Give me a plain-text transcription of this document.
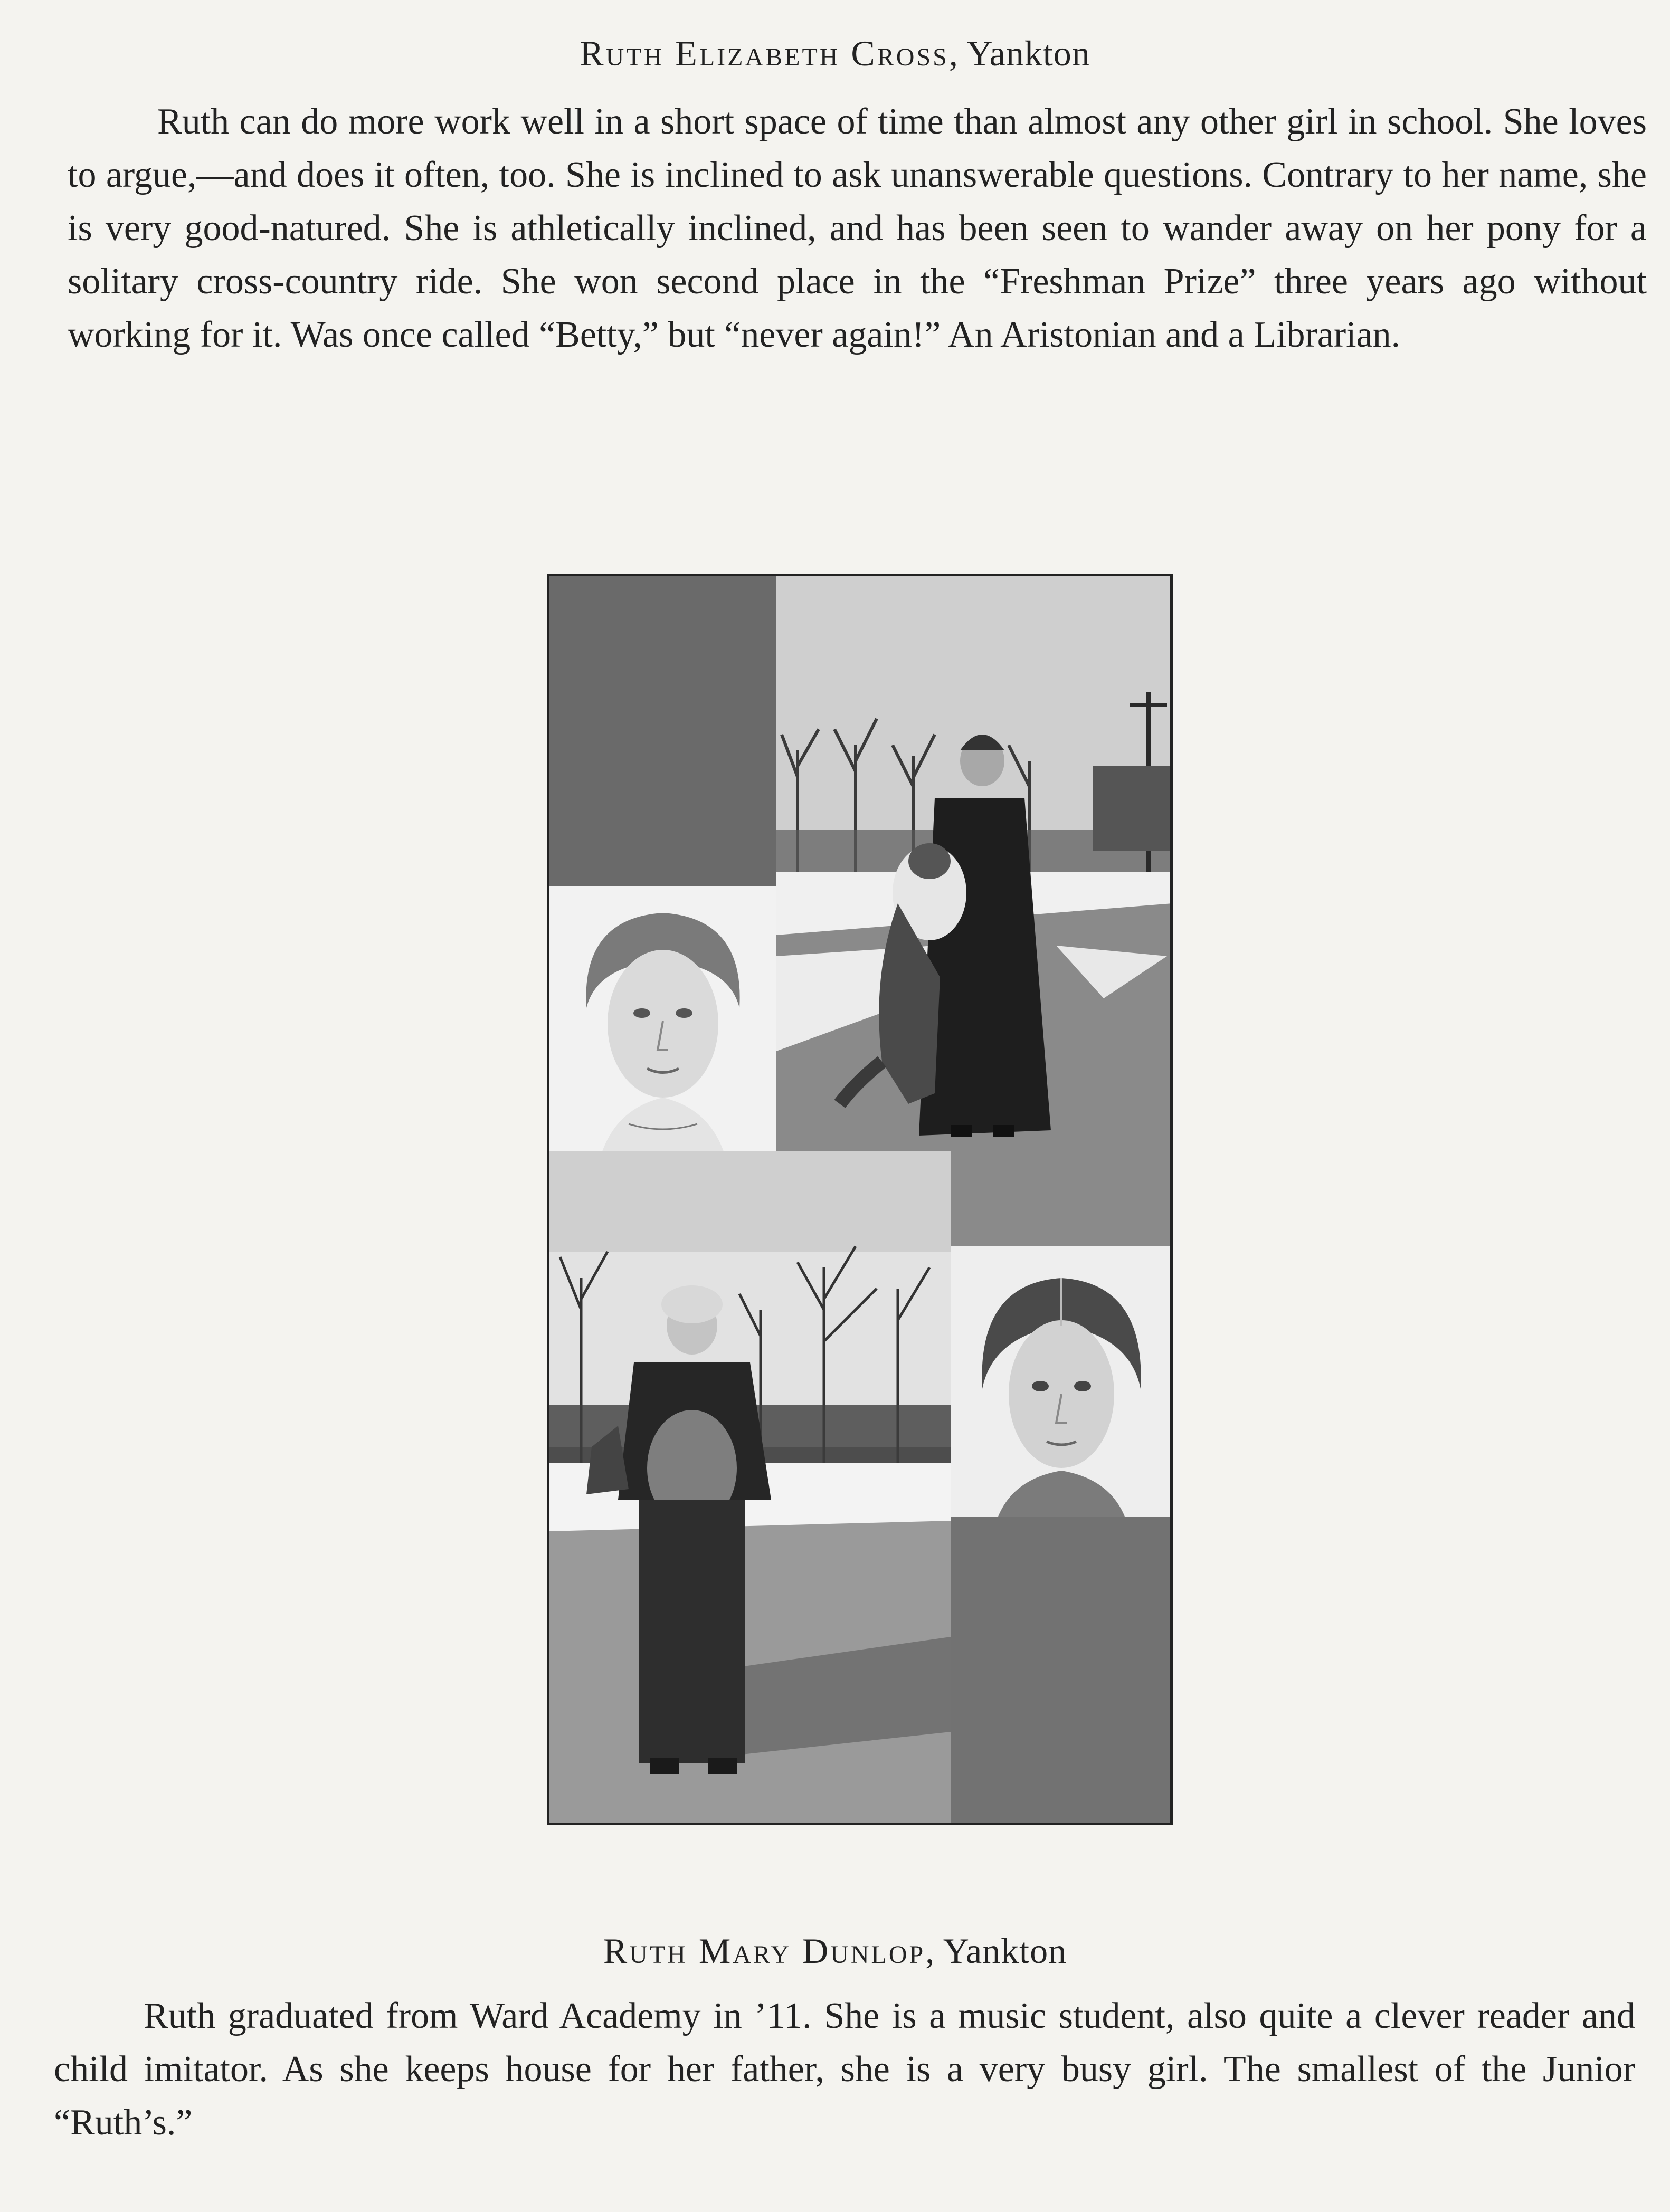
Ruth Elizabeth Cross, Yankton

Ruth can do more work well in a short space of time than almost any other girl in school. She loves to argue,—and does it often, too. She is inclined to ask unanswerable questions. Contrary to her name, she is very good-natured. She is athletically inclined, and has been seen to wander away on her pony for a solitary cross-country ride. She won second place in the “Freshman Prize” three years ago without working for it. Was once called “Betty,” but “never again!” An Aristonian and a Librarian.

Ruth Mary Dunlop, Yankton

Ruth graduated from Ward Academy in ’11. She is a music student, also quite a clever reader and child imitator. As she keeps house for her father, she is a very busy girl. The smallest of the Junior “Ruth’s.”
